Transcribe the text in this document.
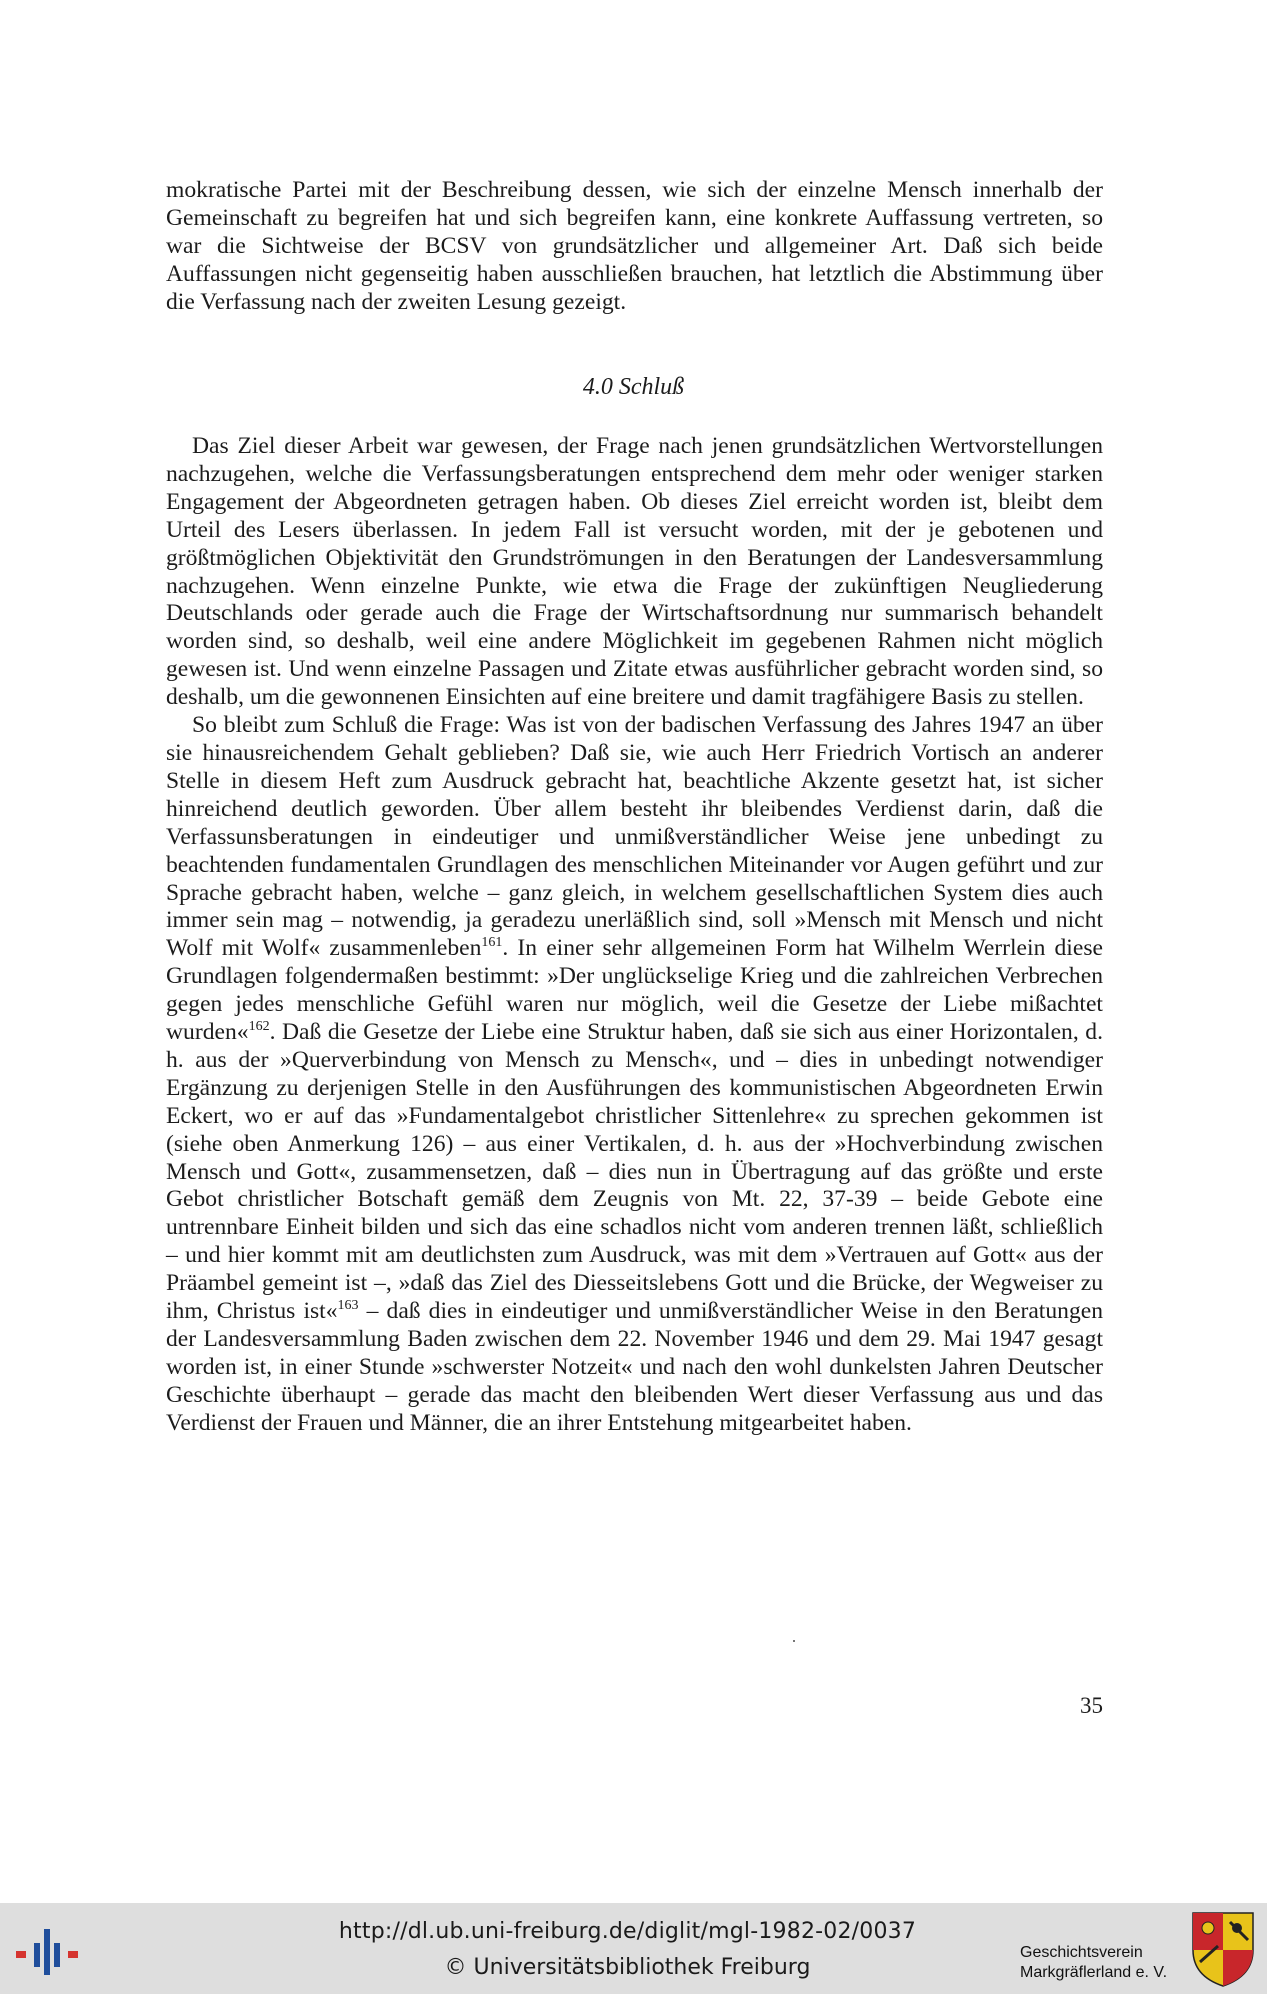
mokratische Partei mit der Beschreibung dessen, wie sich der einzelne Mensch innerhalb der Gemeinschaft zu begreifen hat und sich begreifen kann, eine konkrete Auffassung vertreten, so war die Sichtweise der BCSV von grundsätzlicher und allgemeiner Art. Daß sich beide Auffassungen nicht gegenseitig haben ausschließen brauchen, hat letztlich die Abstimmung über die Verfassung nach der zweiten Lesung gezeigt.

4.0 Schluß

Das Ziel dieser Arbeit war gewesen, der Frage nach jenen grundsätzlichen Wertvorstellungen nachzugehen, welche die Verfassungsberatungen entsprechend dem mehr oder weniger starken Engagement der Abgeordneten getragen haben. Ob dieses Ziel erreicht worden ist, bleibt dem Urteil des Lesers überlassen. In jedem Fall ist versucht worden, mit der je gebotenen und größtmöglichen Objektivität den Grundströmungen in den Beratungen der Landesversammlung nachzugehen. Wenn einzelne Punkte, wie etwa die Frage der zukünftigen Neugliederung Deutschlands oder gerade auch die Frage der Wirtschaftsordnung nur summarisch behandelt worden sind, so deshalb, weil eine andere Möglichkeit im gegebenen Rahmen nicht möglich gewesen ist. Und wenn einzelne Passagen und Zitate etwas ausführlicher gebracht worden sind, so deshalb, um die gewonnenen Einsichten auf eine breitere und damit tragfähigere Basis zu stellen.

So bleibt zum Schluß die Frage: Was ist von der badischen Verfassung des Jahres 1947 an über sie hinausreichendem Gehalt geblieben? Daß sie, wie auch Herr Friedrich Vortisch an anderer Stelle in diesem Heft zum Ausdruck gebracht hat, beachtliche Akzente gesetzt hat, ist sicher hinreichend deutlich geworden. Über allem besteht ihr bleibendes Verdienst darin, daß die Verfassunsberatungen in eindeutiger und unmißverständlicher Weise jene unbedingt zu beachtenden fundamentalen Grundlagen des menschlichen Miteinander vor Augen geführt und zur Sprache gebracht haben, welche – ganz gleich, in welchem gesellschaftlichen System dies auch immer sein mag – notwendig, ja geradezu unerläßlich sind, soll »Mensch mit Mensch und nicht Wolf mit Wolf« zusammenleben$^{161}$. In einer sehr allgemeinen Form hat Wilhelm Werrlein diese Grundlagen folgendermaßen bestimmt: »Der unglückselige Krieg und die zahlreichen Verbrechen gegen jedes menschliche Gefühl waren nur möglich, weil die Gesetze der Liebe mißachtet wurden«$^{162}$. Daß die Gesetze der Liebe eine Struktur haben, daß sie sich aus einer Horizontalen, d. h. aus der »Querverbindung von Mensch zu Mensch«, und – dies in unbedingt notwendiger Ergänzung zu derjenigen Stelle in den Ausführungen des kommunistischen Abgeordneten Erwin Eckert, wo er auf das »Fundamentalgebot christlicher Sittenlehre« zu sprechen gekommen ist (siehe oben Anmerkung 126) – aus einer Vertikalen, d. h. aus der »Hochverbindung zwischen Mensch und Gott«, zusammensetzen, daß – dies nun in Übertragung auf das größte und erste Gebot christlicher Botschaft gemäß dem Zeugnis von Mt. 22, 37-39 – beide Gebote eine untrennbare Einheit bilden und sich das eine schadlos nicht vom anderen trennen läßt, schließlich – und hier kommt mit am deutlichsten zum Ausdruck, was mit dem »Vertrauen auf Gott« aus der Präambel gemeint ist –, »daß das Ziel des Diesseitslebens Gott und die Brücke, der Wegweiser zu ihm, Christus ist«$^{163}$ – daß dies in eindeutiger und unmißverständlicher Weise in den Beratungen der Landesversammlung Baden zwischen dem 22. November 1946 und dem 29. Mai 1947 gesagt worden ist, in einer Stunde »schwerster Notzeit« und nach den wohl dunkelsten Jahren Deutscher Geschichte überhaupt – gerade das macht den bleibenden Wert dieser Verfassung aus und das Verdienst der Frauen und Männer, die an ihrer Entstehung mitgearbeitet haben.

35
http://dl.ub.uni-freiburg.de/diglit/mgl-1982-02/0037
© Universitätsbibliothek Freiburg
Geschichtsverein
Markgräflerland e. V.
